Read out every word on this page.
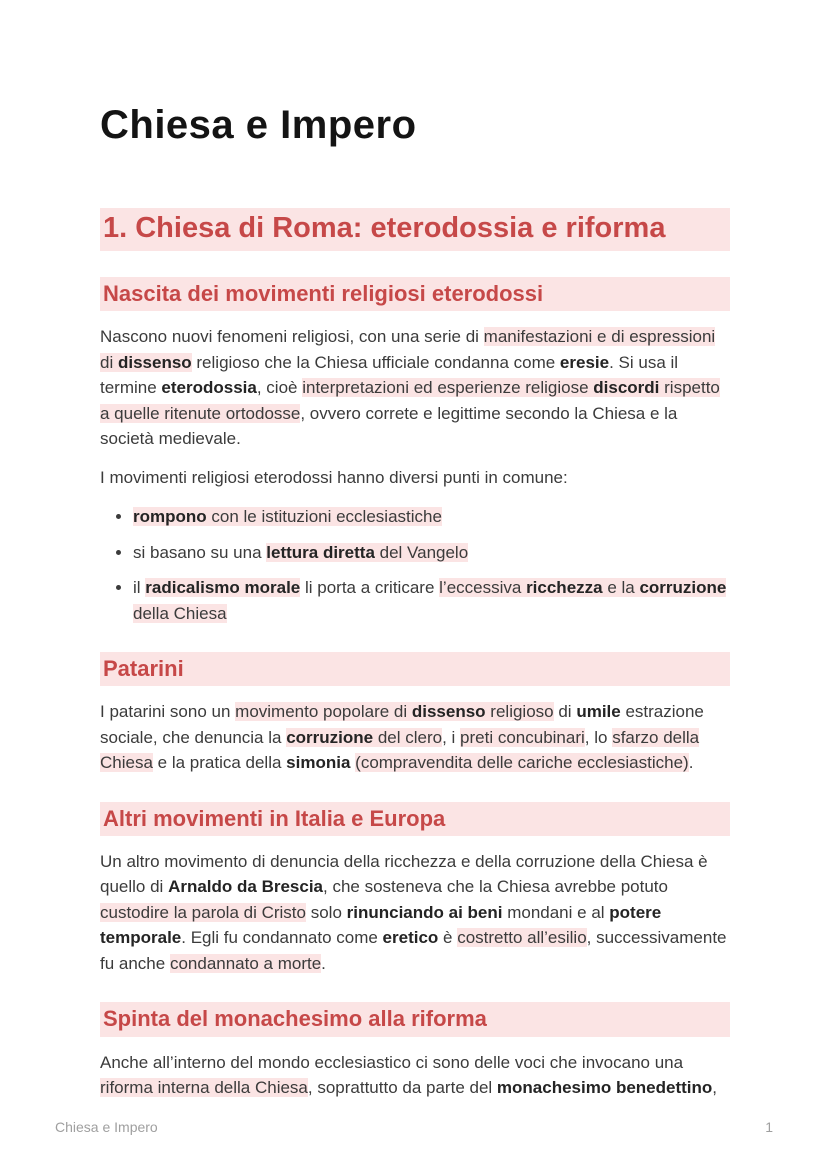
Chiesa e Impero
1. Chiesa di Roma: eterodossia e riforma
Nascita dei movimenti religiosi eterodossi

Nascono nuovi fenomeni religiosi, con una serie di manifestazioni e di espressioni di dissenso religioso che la Chiesa ufficiale condanna come eresie. Si usa il termine eterodossia, cioè interpretazioni ed esperienze religiose discordi rispetto a quelle ritenute ortodosse, ovvero correte e legittime secondo la Chiesa e la società medievale.

I movimenti religiosi eterodossi hanno diversi punti in comune:

• rompono con le istituzioni ecclesiastiche
• si basano su una lettura diretta del Vangelo
• il radicalismo morale li porta a criticare l’eccessiva ricchezza e la corruzione della Chiesa
Patarini

I patarini sono un movimento popolare di dissenso religioso di umile estrazione sociale, che denuncia la corruzione del clero, i preti concubinari, lo sfarzo della Chiesa e la pratica della simonia (compravendita delle cariche ecclesiastiche).

Altri movimenti in Italia e Europa

Un altro movimento di denuncia della ricchezza e della corruzione della Chiesa è quello di Arnaldo da Brescia, che sosteneva che la Chiesa avrebbe potuto custodire la parola di Cristo solo rinunciando ai beni mondani e al potere temporale. Egli fu condannato come eretico è costretto all’esilio, successivamente fu anche condannato a morte.

Spinta del monachesimo alla riforma

Anche all’interno del mondo ecclesiastico ci sono delle voci che invocano una riforma interna della Chiesa, soprattutto da parte del monachesimo benedettino,

Chiesa e Impero	1
